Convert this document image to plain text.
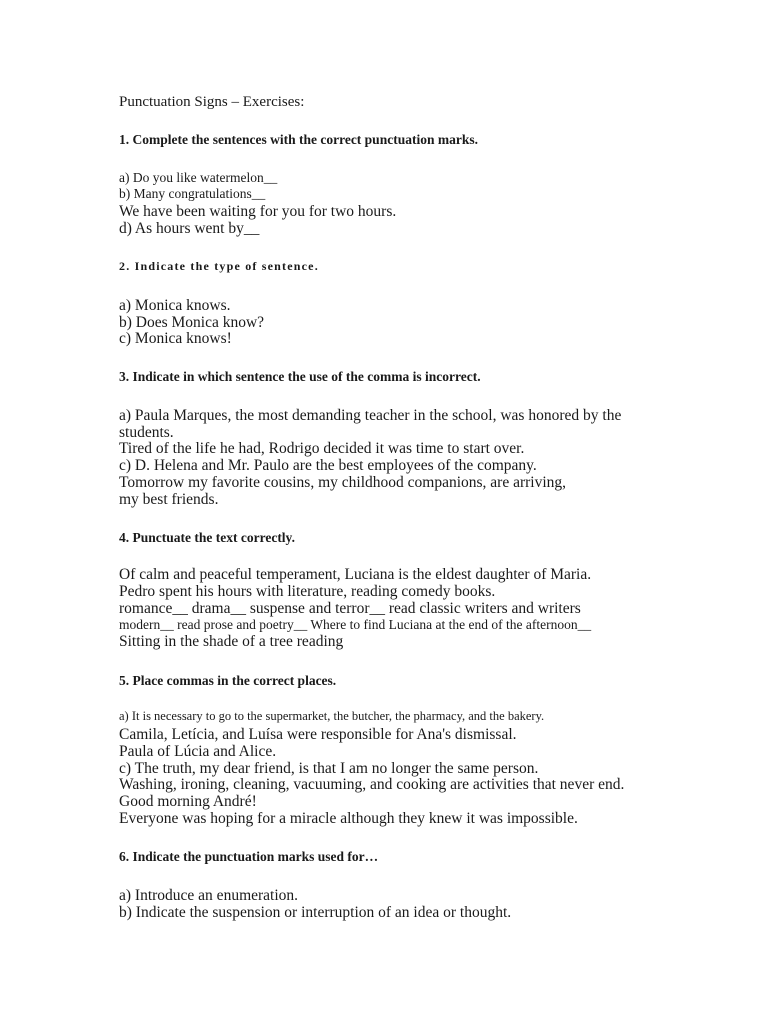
Punctuation Signs – Exercises:
1. Complete the sentences with the correct punctuation marks.
a) Do you like watermelon__
b) Many congratulations__
We have been waiting for you for two hours.
d) As hours went by__
2. Indicate the type of sentence.
a) Monica knows.
b) Does Monica know?
c) Monica knows!
3. Indicate in which sentence the use of the comma is incorrect.
a) Paula Marques, the most demanding teacher in the school, was honored by the
students.
Tired of the life he had, Rodrigo decided it was time to start over.
c) D. Helena and Mr. Paulo are the best employees of the company.
Tomorrow my favorite cousins, my childhood companions, are arriving,
my best friends.
4. Punctuate the text correctly.
Of calm and peaceful temperament, Luciana is the eldest daughter of Maria.
Pedro spent his hours with literature, reading comedy books.
romance__ drama__ suspense and terror__ read classic writers and writers
modern__ read prose and poetry__ Where to find Luciana at the end of the afternoon__
Sitting in the shade of a tree reading
5. Place commas in the correct places.
a) It is necessary to go to the supermarket, the butcher, the pharmacy, and the bakery.
Camila, Letícia, and Luísa were responsible for Ana's dismissal.
Paula of Lúcia and Alice.
c) The truth, my dear friend, is that I am no longer the same person.
Washing, ironing, cleaning, vacuuming, and cooking are activities that never end.
Good morning André!
Everyone was hoping for a miracle although they knew it was impossible.
6. Indicate the punctuation marks used for…
a) Introduce an enumeration.
b) Indicate the suspension or interruption of an idea or thought.
